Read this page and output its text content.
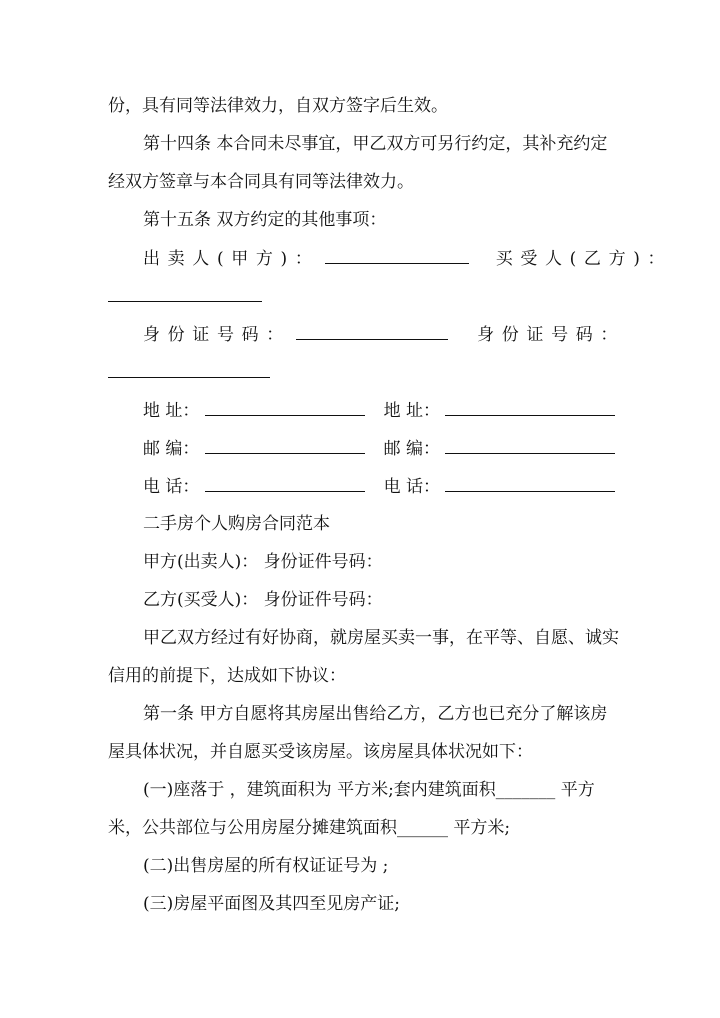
份，具有同等法律效力，自双方签字后生效。
第十四条 本合同未尽事宜，甲乙双方可另行约定，其补充约定
经双方签章与本合同具有同等法律效力。
第十五条 双方约定的其他事项：
出卖人(甲方)：	买受人(乙方)：
身份证号码：	身份证号码：
地 址：	地 址：
邮 编：	邮 编：
电 话：	电 话：
二手房个人购房合同范本
甲方(出卖人)： 身份证件号码：
乙方(买受人)： 身份证件号码：
甲乙双方经过有好协商，就房屋买卖一事，在平等、自愿、诚实
信用的前提下，达成如下协议：
第一条 甲方自愿将其房屋出售给乙方，乙方也已充分了解该房
屋具体状况，并自愿买受该房屋。该房屋具体状况如下：
(一)座落于 ，建筑面积为 平方米;套内建筑面积_______ 平方
米，公共部位与公用房屋分摊建筑面积______ 平方米;
(二)出售房屋的所有权证证号为 ;
(三)房屋平面图及其四至见房产证;
